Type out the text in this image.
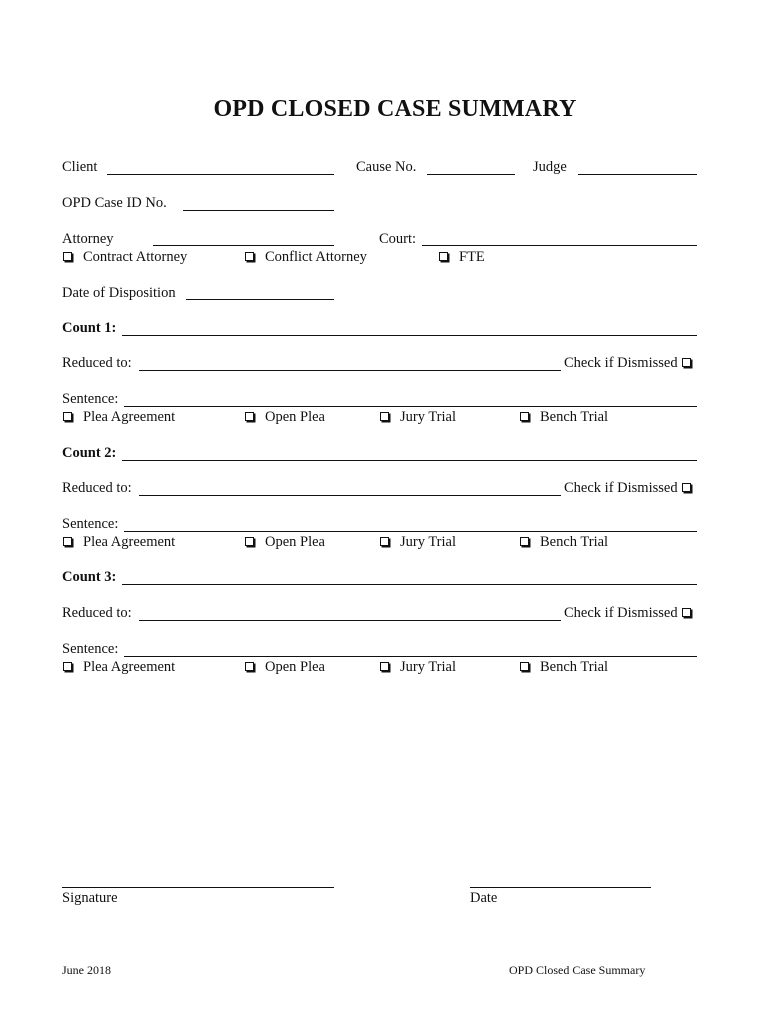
OPD CLOSED CASE SUMMARY
Client	Cause No.	Judge
OPD Case ID No.
Attorney	Court:
Contract Attorney	Conflict Attorney	FTE
Date of Disposition
Count 1:
Reduced to:	Check if Dismissed
Sentence:
Plea Agreement	Open Plea	Jury Trial	Bench Trial
Count 2:
Reduced to:	Check if Dismissed
Sentence:
Plea Agreement	Open Plea	Jury Trial	Bench Trial
Count 3:
Reduced to:	Check if Dismissed
Sentence:
Plea Agreement	Open Plea	Jury Trial	Bench Trial
Signature	Date
June 2018	OPD Closed Case Summary
